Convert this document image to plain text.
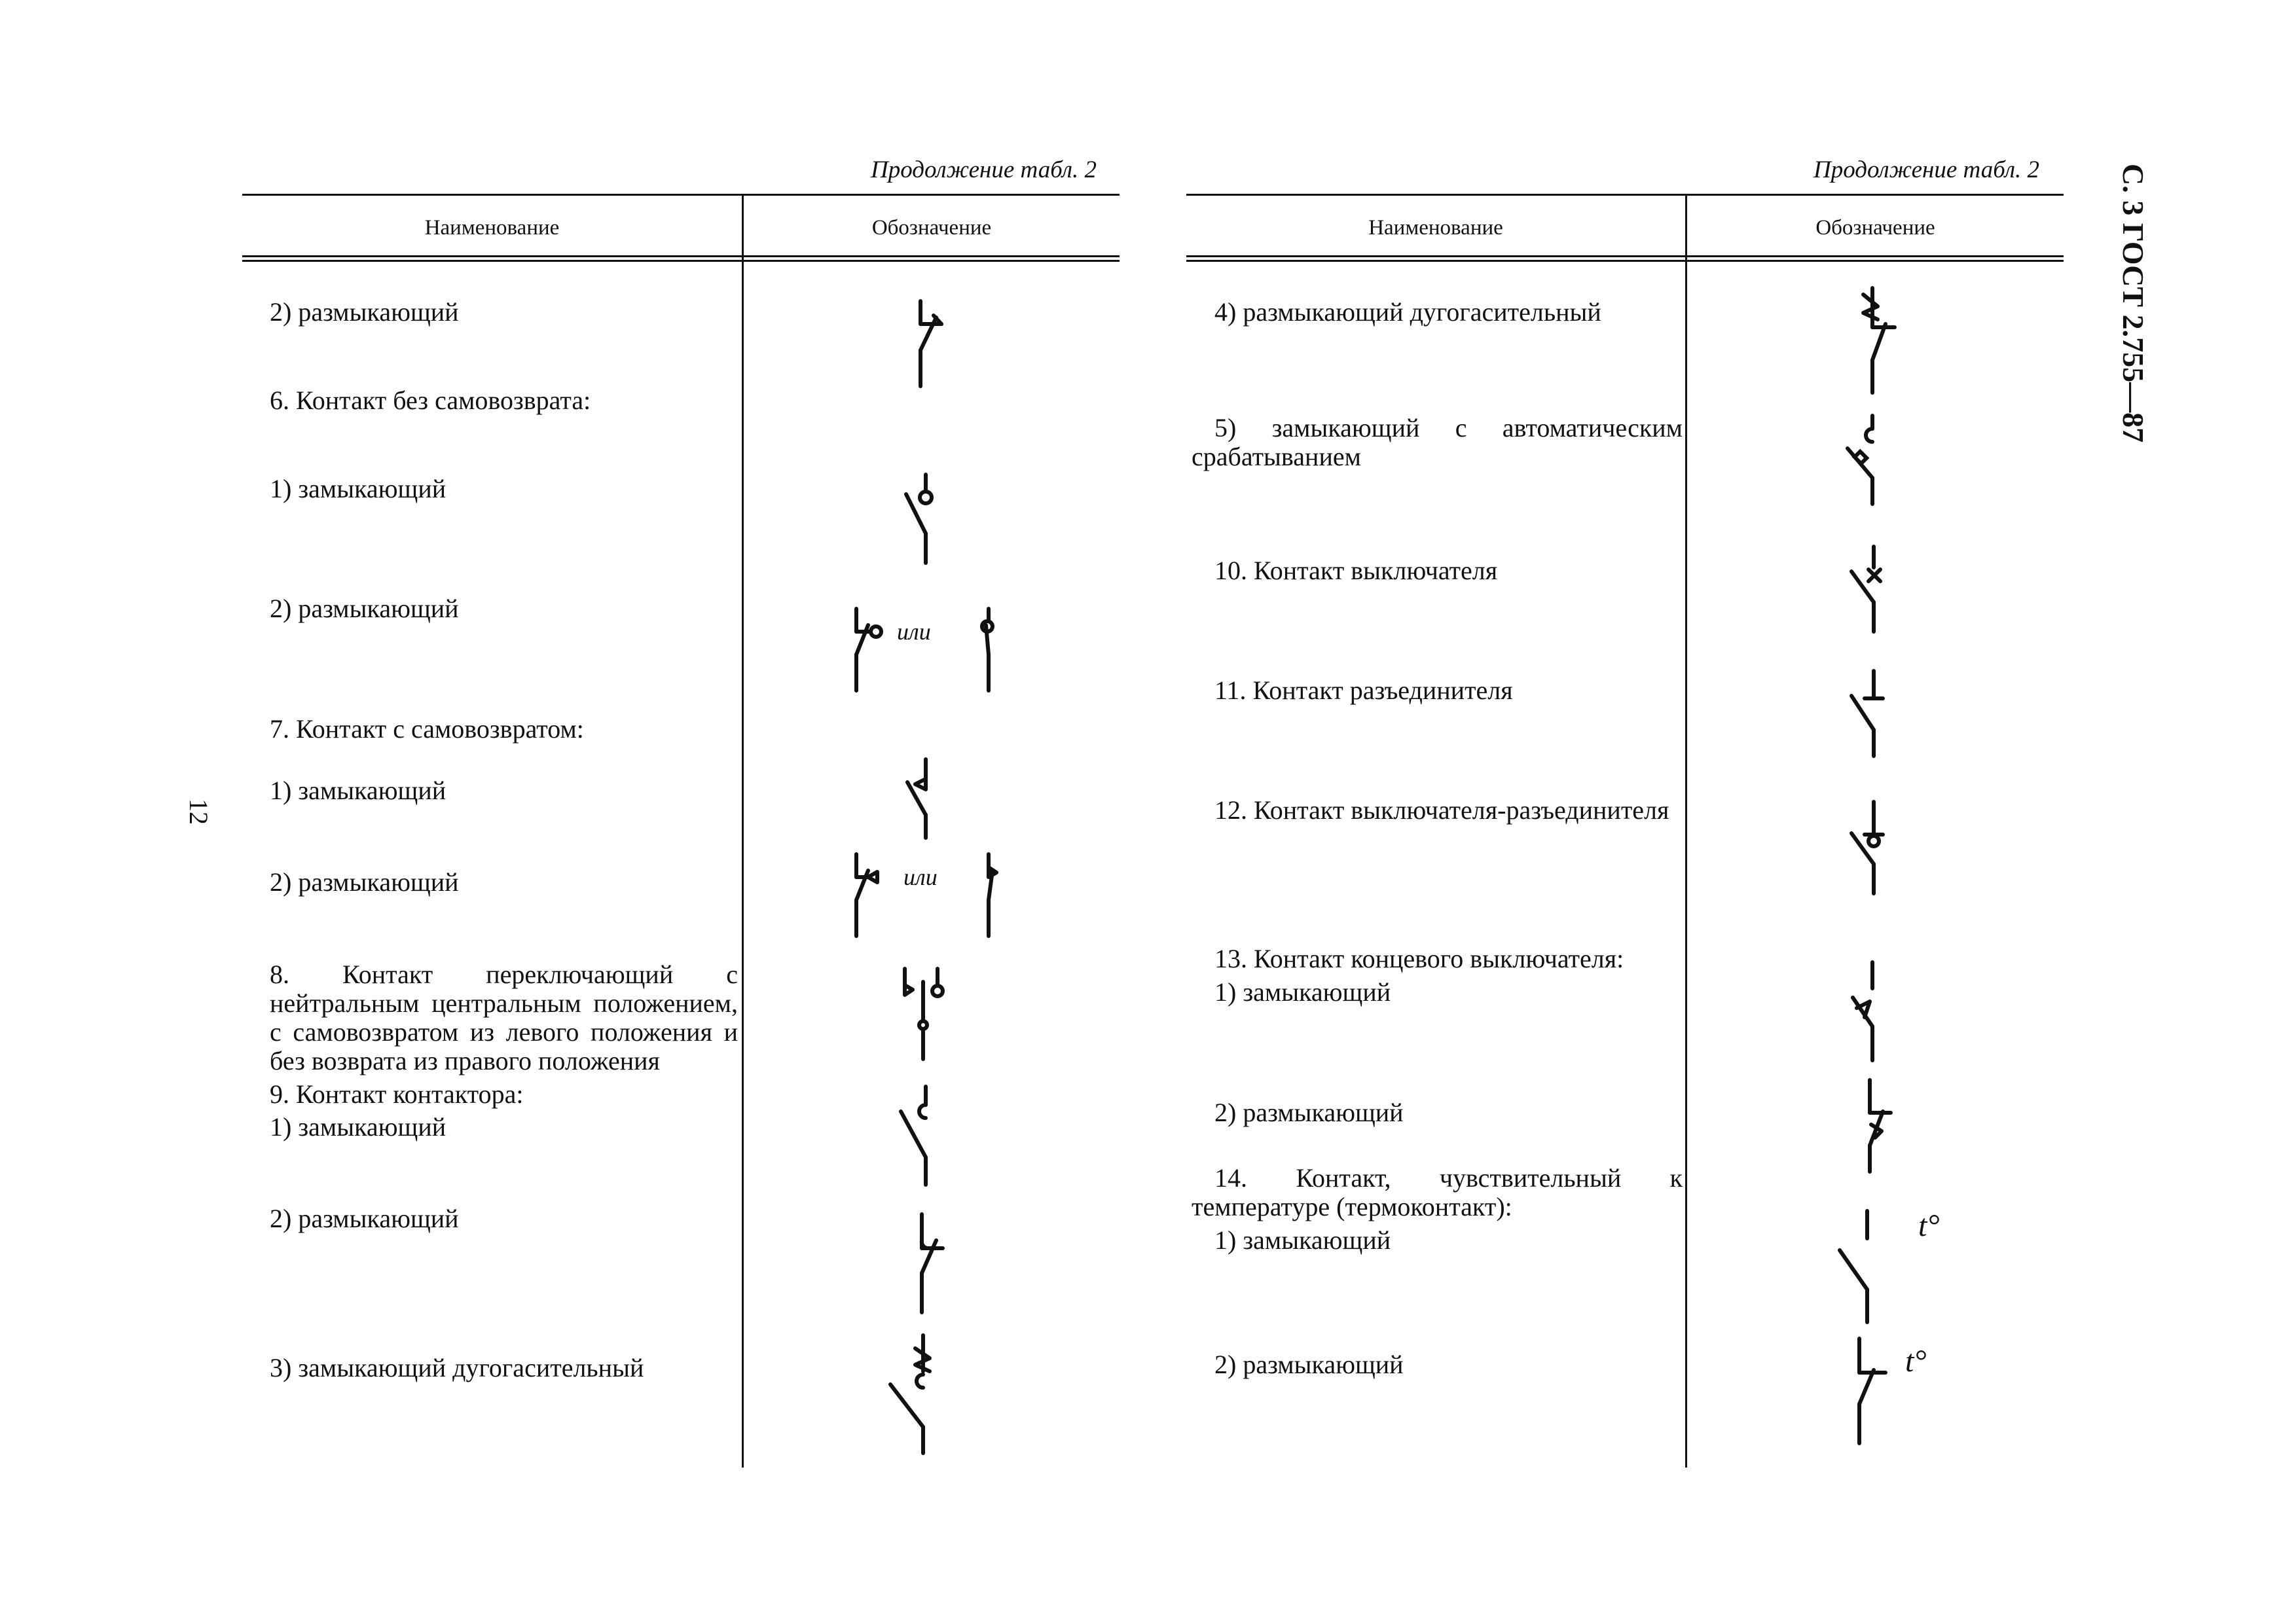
С. 3 ГОСТ 2.755—87
12
Продолжение табл. 2
Наименование	Обозначение
2) размыкающий
6. Контакт без самовозврата:
1) замыкающий
2) размыкающий
7. Контакт с самовозвратом:
1) замыкающий
2) размыкающий
8. Контакт переключающий с нейтральным центральным положением, с самовозвратом из левого положения и без возврата из правого положения
9. Контакт контактора:
1) замыкающий
2) размыкающий
3) замыкающий дугогасительный
или
или
Продолжение табл. 2
Наименование	Обозначение
4) размыкающий дугогасительный
5) замыкающий с автоматическим срабатыванием
10. Контакт выключателя
11. Контакт разъединителя
12. Контакт выключателя-разъединителя
13. Контакт концевого выключателя:
1) замыкающий
2) размыкающий
14. Контакт, чувствительный к температуре (термоконтакт):
1) замыкающий
2) размыкающий
t°
t°
